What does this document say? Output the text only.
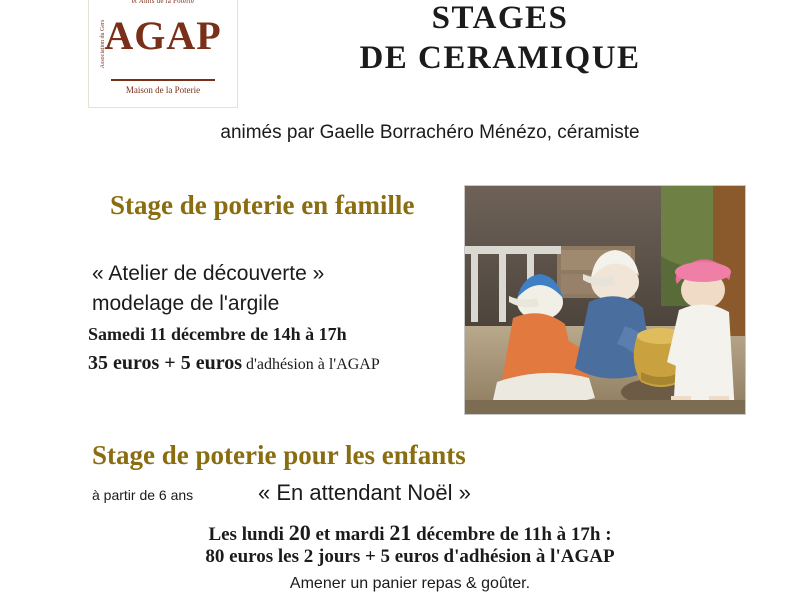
et Amis de la Poterie
Association du Gers
AGAP
Maison de la Poterie
STAGES
DE CERAMIQUE
animés par Gaelle Borrachéro Ménézo, céramiste
Stage de poterie en famille
« Atelier de découverte »
modelage de l'argile
Samedi 11 décembre de 14h à 17h
35 euros + 5 euros d'adhésion à l'AGAP
Stage de poterie pour les enfants
à partir de 6 ans	« En attendant Noël »
Les lundi 20 et mardi 21 décembre de 11h à 17h :
80 euros les 2 jours + 5 euros d'adhésion à l'AGAP
Amener un panier repas & goûter.
